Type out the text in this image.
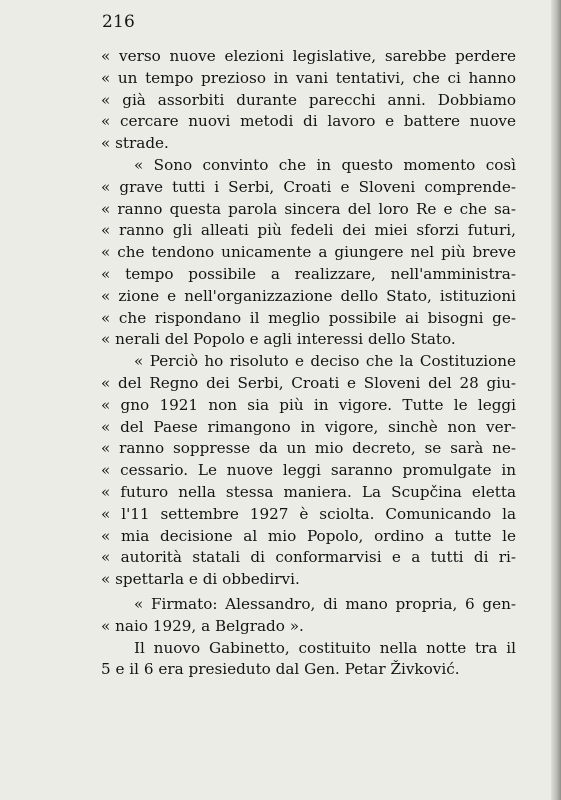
216
« verso nuove elezioni legislative, sarebbe perdere
« un tempo prezioso in vani tentativi, che ci hanno
« già assorbiti durante parecchi anni. Dobbiamo
« cercare nuovi metodi di lavoro e battere nuove
« strade.
« Sono convinto che in questo momento così
« grave tutti i Serbi, Croati e Sloveni comprende-
« ranno questa parola sincera del loro Re e che sa-
« ranno gli alleati più fedeli dei miei sforzi futuri,
« che tendono unicamente a giungere nel più breve
« tempo possibile a realizzare, nell'amministra-
« zione e nell'organizzazione dello Stato, istituzioni
« che rispondano il meglio possibile ai bisogni ge-
« nerali del Popolo e agli interessi dello Stato.
« Perciò ho risoluto e deciso che la Costituzione
« del Regno dei Serbi, Croati e Sloveni del 28 giu-
« gno 1921 non sia più in vigore. Tutte le leggi
« del Paese rimangono in vigore, sinchè non ver-
« ranno soppresse da un mio decreto, se sarà ne-
« cessario. Le nuove leggi saranno promulgate in
« futuro nella stessa maniera. La Scupčina eletta
« l'11 settembre 1927 è sciolta. Comunicando la
« mia decisione al mio Popolo, ordino a tutte le
« autorità statali di conformarvisi e a tutti di ri-
« spettarla e di obbedirvi.
« Firmato: Alessandro, di mano propria, 6 gen-
« naio 1929, a Belgrado ».
Il nuovo Gabinetto, costituito nella notte tra il
5 e il 6 era presieduto dal Gen. Petar Živković.
